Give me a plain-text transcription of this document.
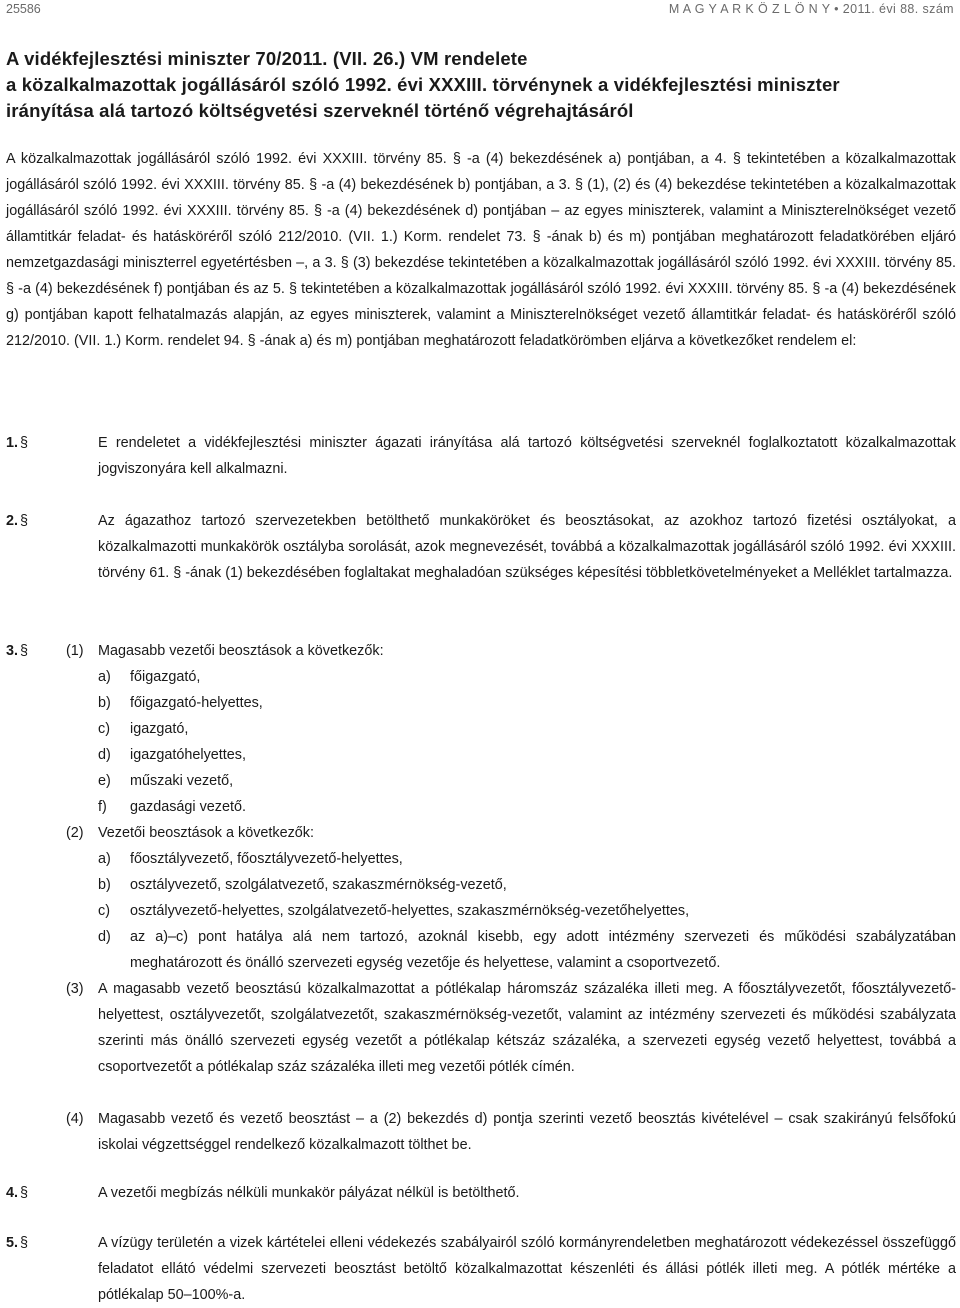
25586	M A G Y A R K Ö Z L Ö N Y • 2011. évi 88. szám
A vidékfejlesztési miniszter 70/2011. (VII. 26.) VM rendelete
a közalkalmazottak jogállásáról szóló 1992. évi XXXIII. törvénynek a vidékfejlesztési miniszter
irányítása alá tartozó költségvetési szerveknél történő végrehajtásáról

A közalkalmazottak jogállásáról szóló 1992. évi XXXIII. törvény 85. § -a (4) bekezdésének a) pontjában, a 4. § tekintetében a közalkalmazottak jogállásáról szóló 1992. évi XXXIII. törvény 85. § -a (4) bekezdésének b) pontjában, a 3. § (1), (2) és (4) bekezdése tekintetében a közalkalmazottak jogállásáról szóló 1992. évi XXXIII. törvény 85. § -a (4) bekezdésének d) pontjában – az egyes miniszterek, valamint a Miniszterelnökséget vezető államtitkár feladat- és hatásköréről szóló 212/2010. (VII. 1.) Korm. rendelet 73. § -ának b) és m) pontjában meghatározott feladatkörében eljáró nemzetgazdasági miniszterrel egyetértésben –, a 3. § (3) bekezdése tekintetében a közalkalmazottak jogállásáról szóló 1992. évi XXXIII. törvény 85. § -a (4) bekezdésének f) pontjában és az 5. § tekintetében a közalkalmazottak jogállásáról szóló 1992. évi XXXIII. törvény 85. § -a (4) bekezdésének g) pontjában kapott felhatalmazás alapján, az egyes miniszterek, valamint a Miniszterelnökséget vezető államtitkár feladat- és hatásköréről szóló 212/2010. (VII. 1.) Korm. rendelet 94. § -ának a) és m) pontjában meghatározott feladatkörömben eljárva a következőket rendelem el:

1. §	E rendeletet a vidékfejlesztési miniszter ágazati irányítása alá tartozó költségvetési szerveknél foglalkoztatott közalkalmazottak jogviszonyára kell alkalmazni.

2. §	Az ágazathoz tartozó szervezetekben betölthető munkaköröket és beosztásokat, az azokhoz tartozó fizetési osztályokat, a közalkalmazotti munkakörök osztályba sorolását, azok megnevezését, továbbá a közalkalmazottak jogállásáról szóló 1992. évi XXXIII. törvény 61. § -ának (1) bekezdésében foglaltakat meghaladóan szükséges képesítési többletkövetelményeket a Melléklet tartalmazza.

3. §	(1) Magasabb vezetői beosztások a következők:

a) főigazgató,

b) főigazgató-helyettes,

c) igazgató,

d) igazgatóhelyettes,

e) műszaki vezető,

f) gazdasági vezető.

(2) Vezetői beosztások a következők:

a) főosztályvezető, főosztályvezető-helyettes,

b) osztályvezető, szolgálatvezető, szakaszmérnökség-vezető,

c) osztályvezető-helyettes, szolgálatvezető-helyettes, szakaszmérnökség-vezetőhelyettes,

d) az a)–c) pont hatálya alá nem tartozó, azoknál kisebb, egy adott intézmény szervezeti és működési szabályzatában meghatározott és önálló szervezeti egység vezetője és helyettese, valamint a csoportvezető.

(3) A magasabb vezető beosztású közalkalmazottat a pótlékalap háromszáz százaléka illeti meg. A főosztályvezetőt, főosztályvezető-helyettest, osztályvezetőt, szolgálatvezetőt, szakaszmérnökség-vezetőt, valamint az intézmény szervezeti és működési szabályzata szerinti más önálló szervezeti egység vezetőt a pótlékalap kétszáz százaléka, a szervezeti egység vezető helyettest, továbbá a csoportvezetőt a pótlékalap száz százaléka illeti meg vezetői pótlék címén.

(4) Magasabb vezető és vezető beosztást – a (2) bekezdés d) pontja szerinti vezető beosztás kivételével – csak szakirányú felsőfokú iskolai végzettséggel rendelkező közalkalmazott tölthet be.

4. §	A vezetői megbízás nélküli munkakör pályázat nélkül is betölthető.

5. §	A vízügy területén a vizek kártételei elleni védekezés szabályairól szóló kormányrendeletben meghatározott védekezéssel összefüggő feladatot ellátó védelmi szervezeti beosztást betöltő közalkalmazottat készenléti és állási pótlék illeti meg. A pótlék mértéke a pótlékalap 50–100%-a.
